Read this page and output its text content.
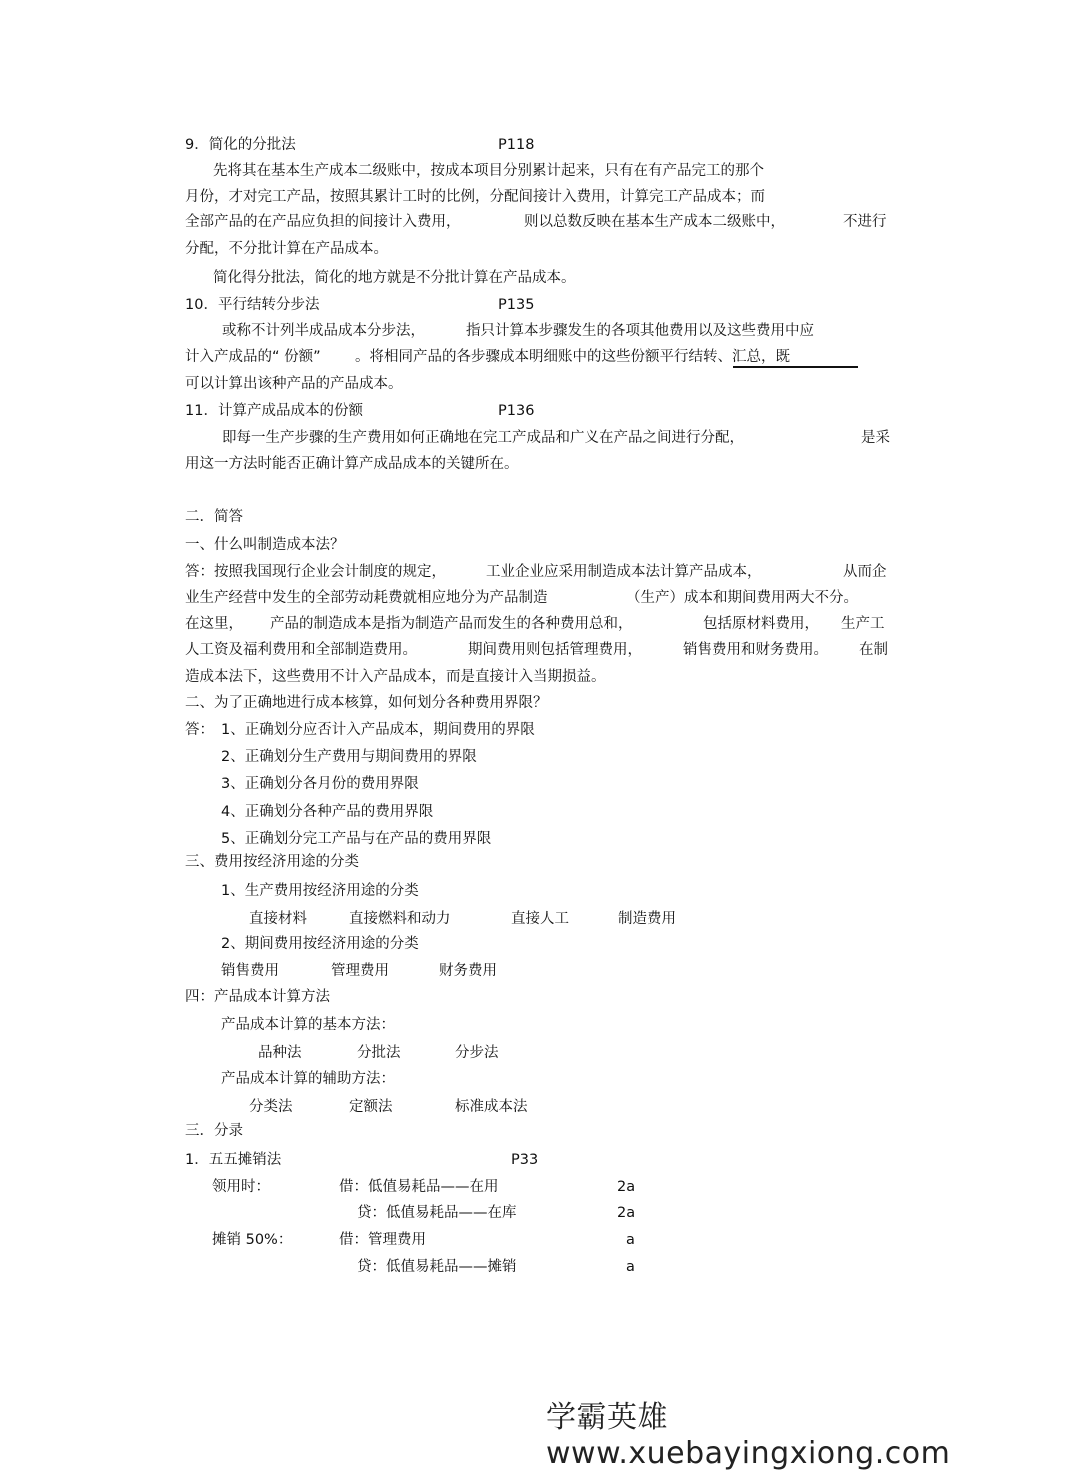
9．简化的分批法	P118
先将其在基本生产成本二级账中，按成本项目分别累计起来，只有在有产品完工的那个
月份，才对完工产品，按照其累计工时的比例，分配间接计入费用，计算完工产品成本；而
全部产品的在产品应负担的间接计入费用，	则以总数反映在基本生产成本二级账中，	不进行
分配，不分批计算在产品成本。
简化得分批法，简化的地方就是不分批计算在产品成本。
10．平行结转分步法	P135
或称不计列半成品成本分步法，	指只计算本步骤发生的各项其他费用以及这些费用中应
计入产成品的“ 份额” 。将相同产品的各步骤成本明细账中的这些份额平行结转、汇总，既
可以计算出该种产品的产品成本。
11．计算产成品成本的份额	P136
即每一生产步骤的生产费用如何正确地在完工产成品和广义在产品之间进行分配，	是采
用这一方法时能否正确计算产成品成本的关键所在。
二．简答
一、什么叫制造成本法？
答：按照我国现行企业会计制度的规定，	工业企业应采用制造成本法计算产品成本，	从而企
业生产经营中发生的全部劳动耗费就相应地分为产品制造	（生产）成本和期间费用两大不分。
在这里， 产品的制造成本是指为制造产品而发生的各种费用总和，	包括原材料费用， 生产工
人工资及福利费用和全部制造费用。	期间费用则包括管理费用，	销售费用和财务费用。 在制
造成本法下，这些费用不计入产品成本，而是直接计入当期损益。
二、为了正确地进行成本核算，如何划分各种费用界限？
答： 1、正确划分应否计入产品成本，期间费用的界限
2、正确划分生产费用与期间费用的界限
3、正确划分各月份的费用界限
4、正确划分各种产品的费用界限
5、正确划分完工产品与在产品的费用界限
三、费用按经济用途的分类
1、生产费用按经济用途的分类
直接材料	直接燃料和动力	直接人工	制造费用
2、期间费用按经济用途的分类
销售费用	管理费用	财务费用
四：产品成本计算方法
产品成本计算的基本方法：
品种法	分批法	分步法
产品成本计算的辅助方法：
分类法	定额法	标准成本法
三．分录
1．五五摊销法	P33
领用时：	借：低值易耗品——在用	2a
贷：低值易耗品——在库	2a
摊销 50%：	借：管理费用	a
贷：低值易耗品——摊销	a
学霸英雄 www.xuebayingxiong.com
